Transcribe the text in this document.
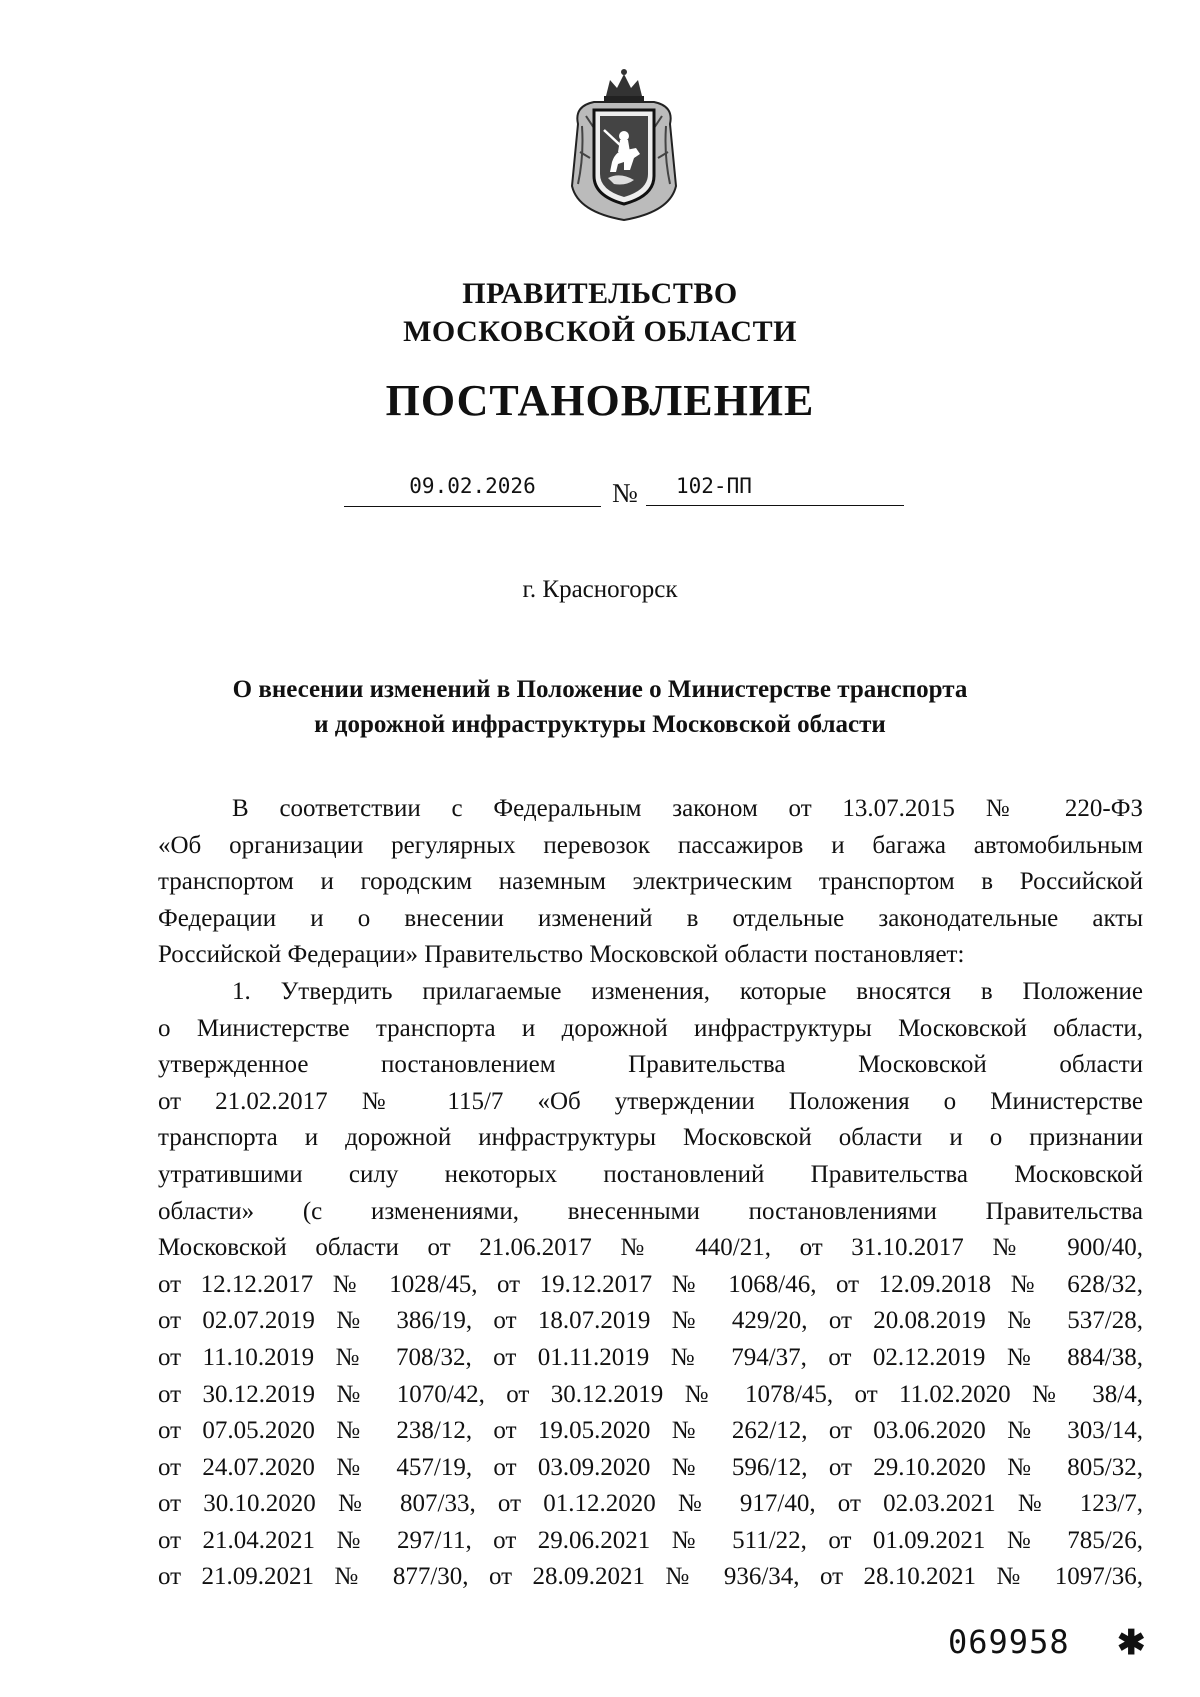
ПРАВИТЕЛЬСТВО
МОСКОВСКОЙ ОБЛАСТИ
ПОСТАНОВЛЕНИЕ
09.02.2026	№	102-ПП
г. Красногорск
О внесении изменений в Положение о Министерстве транспорта
и дорожной инфраструктуры Московской области
В соответствии с Федеральным законом от 13.07.2015 № 220-ФЗ
«Об организации регулярных перевозок пассажиров и багажа автомобильным
транспортом и городским наземным электрическим транспортом в Российской
Федерации и о внесении изменений в отдельные законодательные акты
Российской Федерации» Правительство Московской области постановляет:
1. Утвердить прилагаемые изменения, которые вносятся в Положение
о Министерстве транспорта и дорожной инфраструктуры Московской области,
утвержденное постановлением Правительства Московской области
от 21.02.2017 № 115/7 «Об утверждении Положения о Министерстве
транспорта и дорожной инфраструктуры Московской области и о признании
утратившими силу некоторых постановлений Правительства Московской
области» (с изменениями, внесенными постановлениями Правительства
Московской области от 21.06.2017 № 440/21, от 31.10.2017 № 900/40,
от 12.12.2017 № 1028/45, от 19.12.2017 № 1068/46, от 12.09.2018 № 628/32,
от 02.07.2019 № 386/19, от 18.07.2019 № 429/20, от 20.08.2019 № 537/28,
от 11.10.2019 № 708/32, от 01.11.2019 № 794/37, от 02.12.2019 № 884/38,
от 30.12.2019 № 1070/42, от 30.12.2019 № 1078/45, от 11.02.2020 № 38/4,
от 07.05.2020 № 238/12, от 19.05.2020 № 262/12, от 03.06.2020 № 303/14,
от 24.07.2020 № 457/19, от 03.09.2020 № 596/12, от 29.10.2020 № 805/32,
от 30.10.2020 № 807/33, от 01.12.2020 № 917/40, от 02.03.2021 № 123/7,
от 21.04.2021 № 297/11, от 29.06.2021 № 511/22, от 01.09.2021 № 785/26,
от 21.09.2021 № 877/30, от 28.09.2021 № 936/34, от 28.10.2021 № 1097/36,
069958 ✱
